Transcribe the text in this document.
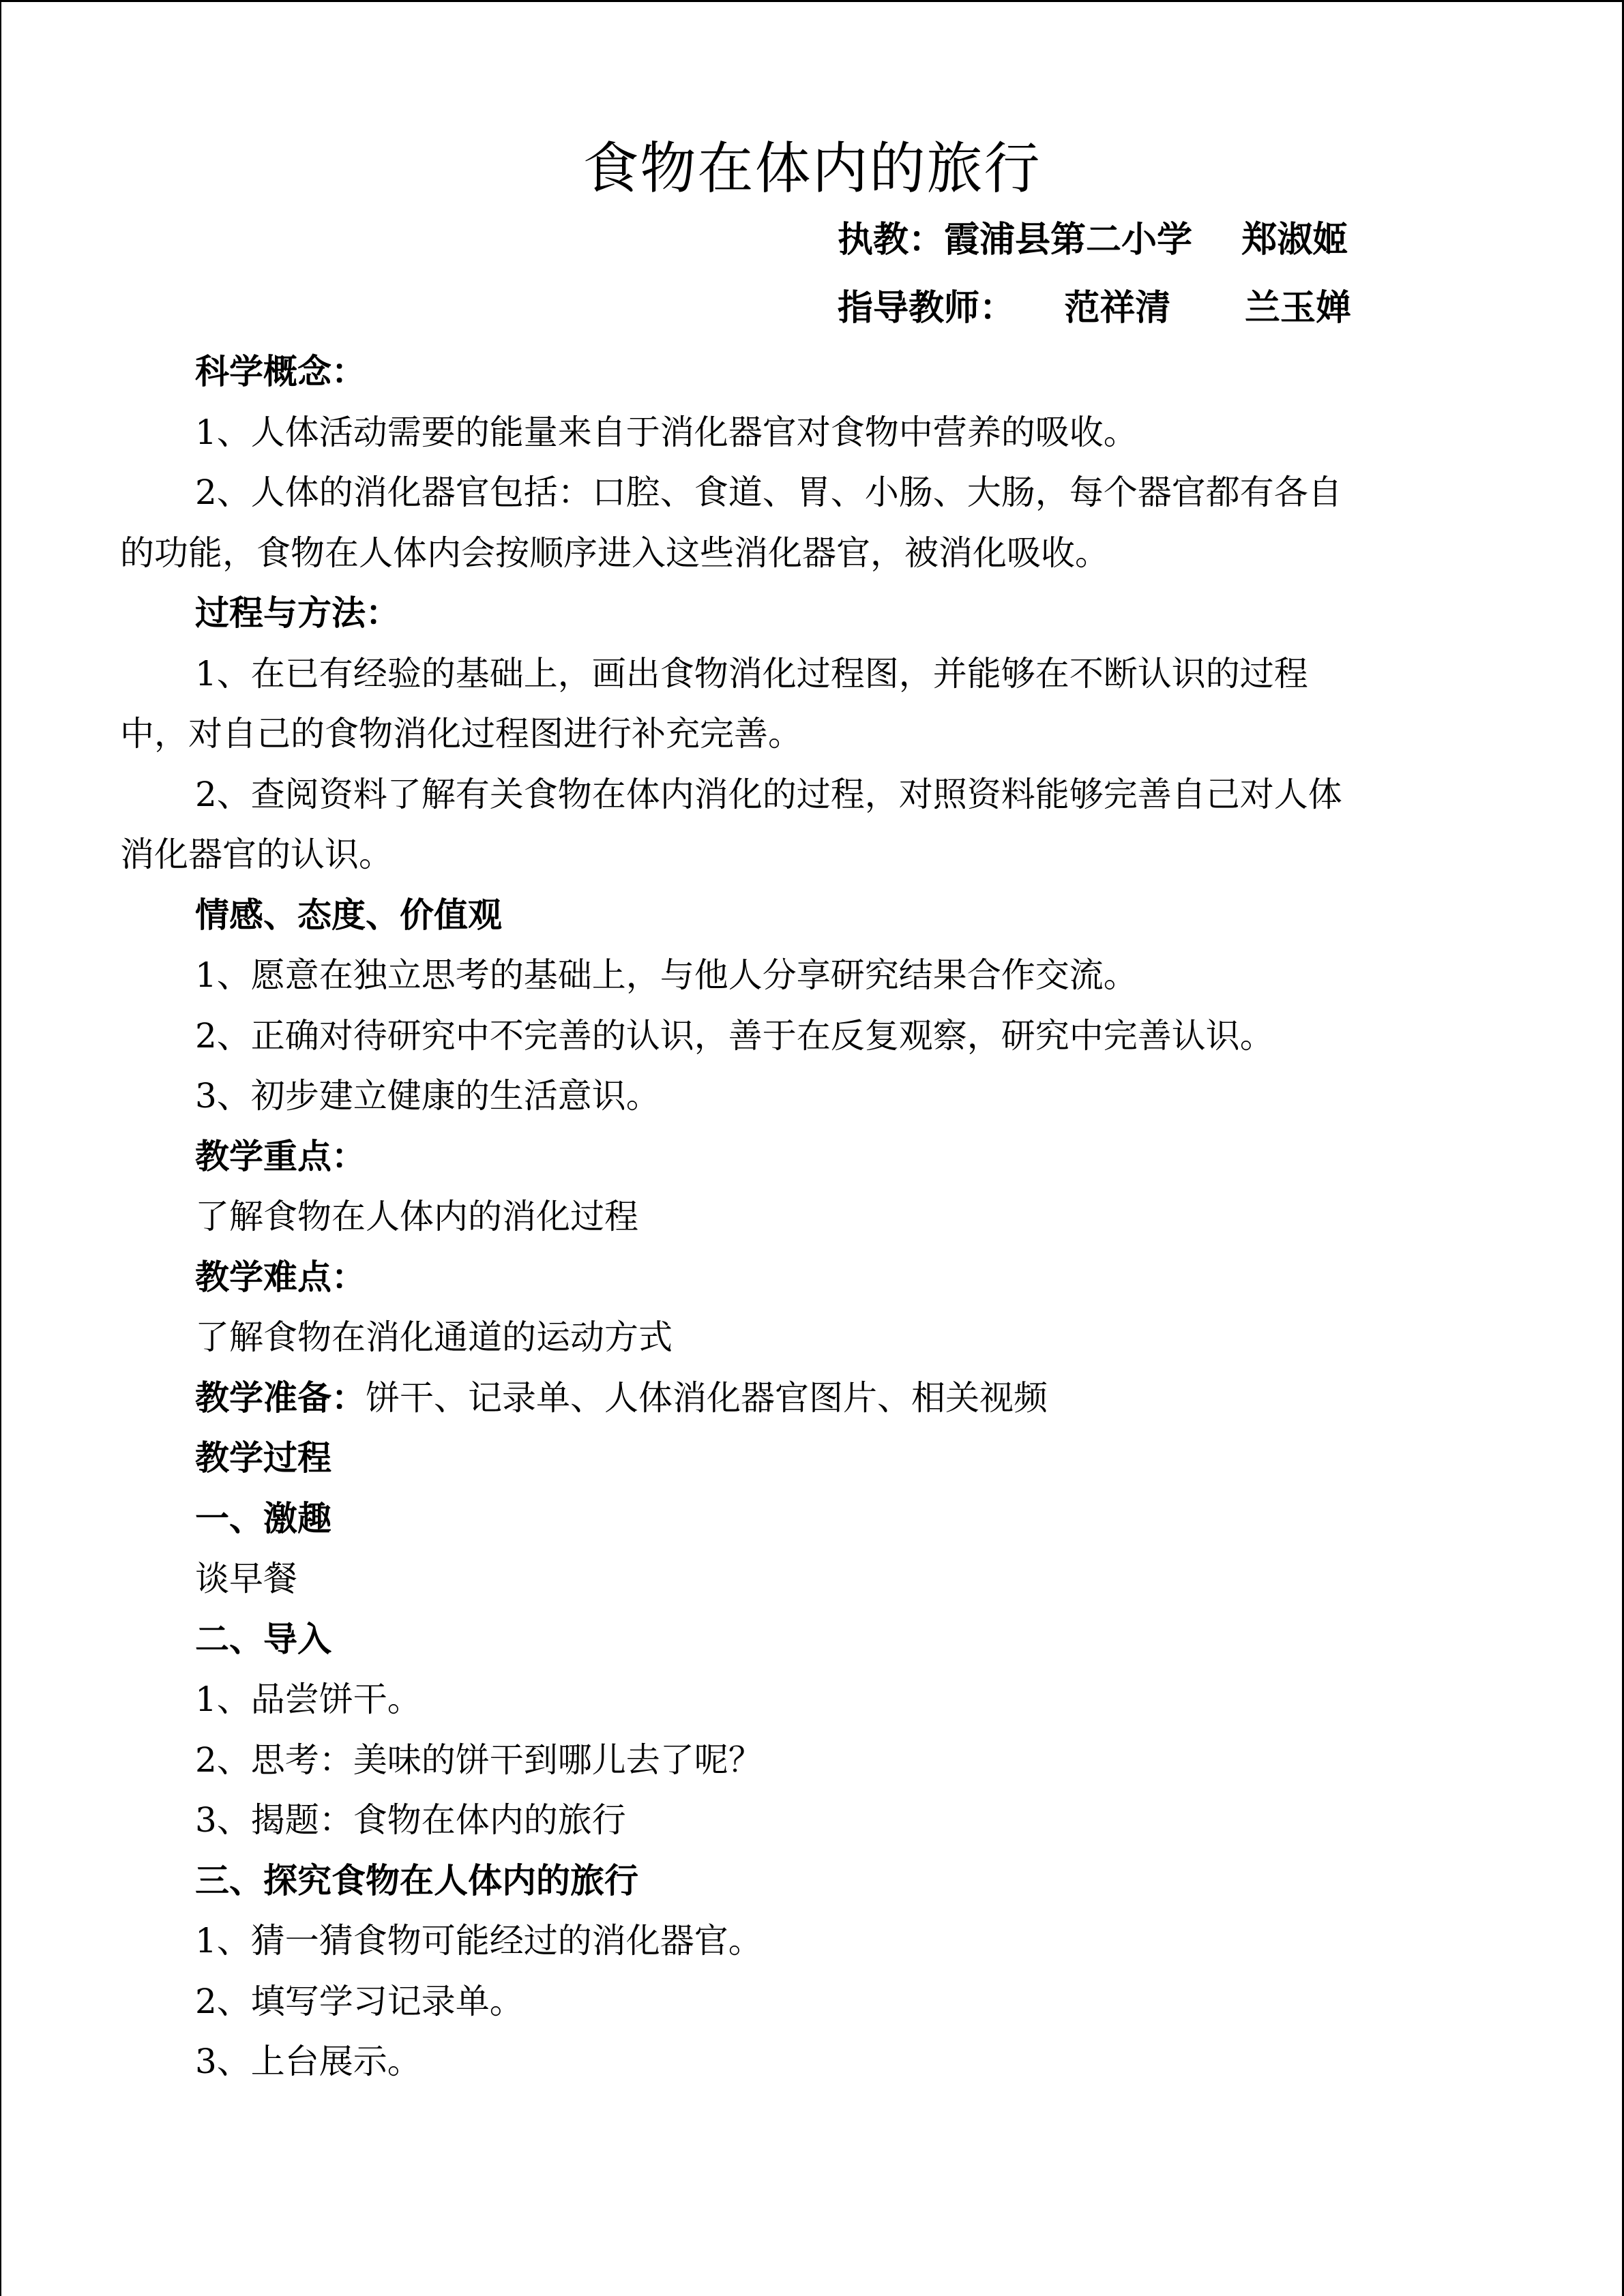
食物在体内的旅行
执教：霞浦县第二小学    郑淑姬
指导教师：    范祥清      兰玉婵
科学概念：
1、人体活动需要的能量来自于消化器官对食物中营养的吸收。
2、人体的消化器官包括：口腔、食道、胃、小肠、大肠，每个器官都有各自
的功能，食物在人体内会按顺序进入这些消化器官，被消化吸收。
过程与方法：
1、在已有经验的基础上，画出食物消化过程图，并能够在不断认识的过程
中，对自己的食物消化过程图进行补充完善。
2、查阅资料了解有关食物在体内消化的过程，对照资料能够完善自己对人体
消化器官的认识。
情感、态度、价值观
1、愿意在独立思考的基础上，与他人分享研究结果合作交流。
2、正确对待研究中不完善的认识，善于在反复观察，研究中完善认识。
3、初步建立健康的生活意识。
教学重点：
了解食物在人体内的消化过程
教学难点：
了解食物在消化通道的运动方式
教学过程
一、激趣
谈早餐
二、导入
1、品尝饼干。
2、思考：美味的饼干到哪儿去了呢？
3、揭题：食物在体内的旅行
三、探究食物在人体内的旅行
1、猜一猜食物可能经过的消化器官。
2、填写学习记录单。
3、上台展示。
教学准备：饼干、记录单、人体消化器官图片、相关视频
